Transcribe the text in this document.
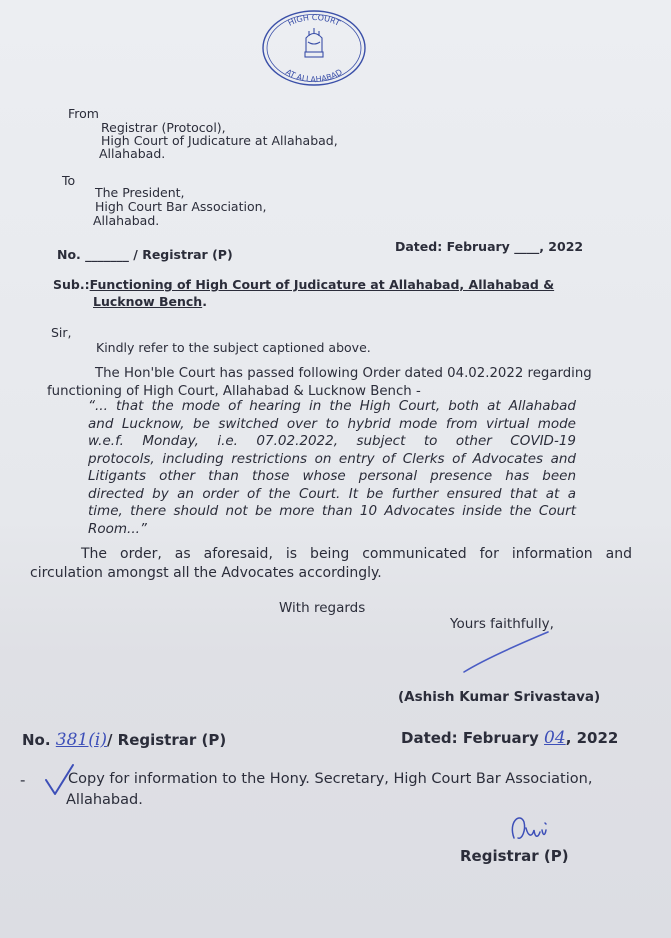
HIGH COURT
AT ALLAHABAD
From
Registrar (Protocol),
High Court of Judicature at Allahabad,
Allahabad.
To
The President,
High Court Bar Association,
Allahabad.
No. _______ / Registrar (P)
Dated: February ____, 2022
Sub.:Functioning of High Court of Judicature at Allahabad, Allahabad &
Lucknow Bench.
Sir,
Kindly refer to the subject captioned above.
The Hon'ble Court has passed following Order dated 04.02.2022 regarding
functioning of High Court, Allahabad & Lucknow Bench -
“... that the mode of hearing in the High Court, both at Allahabad
and Lucknow, be switched over to hybrid mode from virtual mode
w.e.f. Monday, i.e. 07.02.2022, subject to other COVID-19
protocols, including restrictions on entry of Clerks of Advocates and
Litigants other than those whose personal presence has been
directed by an order of the Court. It be further ensured that at a
time, there should not be more than 10 Advocates inside the Court
Room...”
The order, as aforesaid, is being communicated for information and
circulation amongst all the Advocates accordingly.
With regards
Yours faithfully,
(Ashish Kumar Srivastava)
No. 381(i)/ Registrar (P)	Dated: February 04, 2022
-	Copy for information to the Hony. Secretary, High Court Bar Association,
Allahabad.
Registrar (P)
